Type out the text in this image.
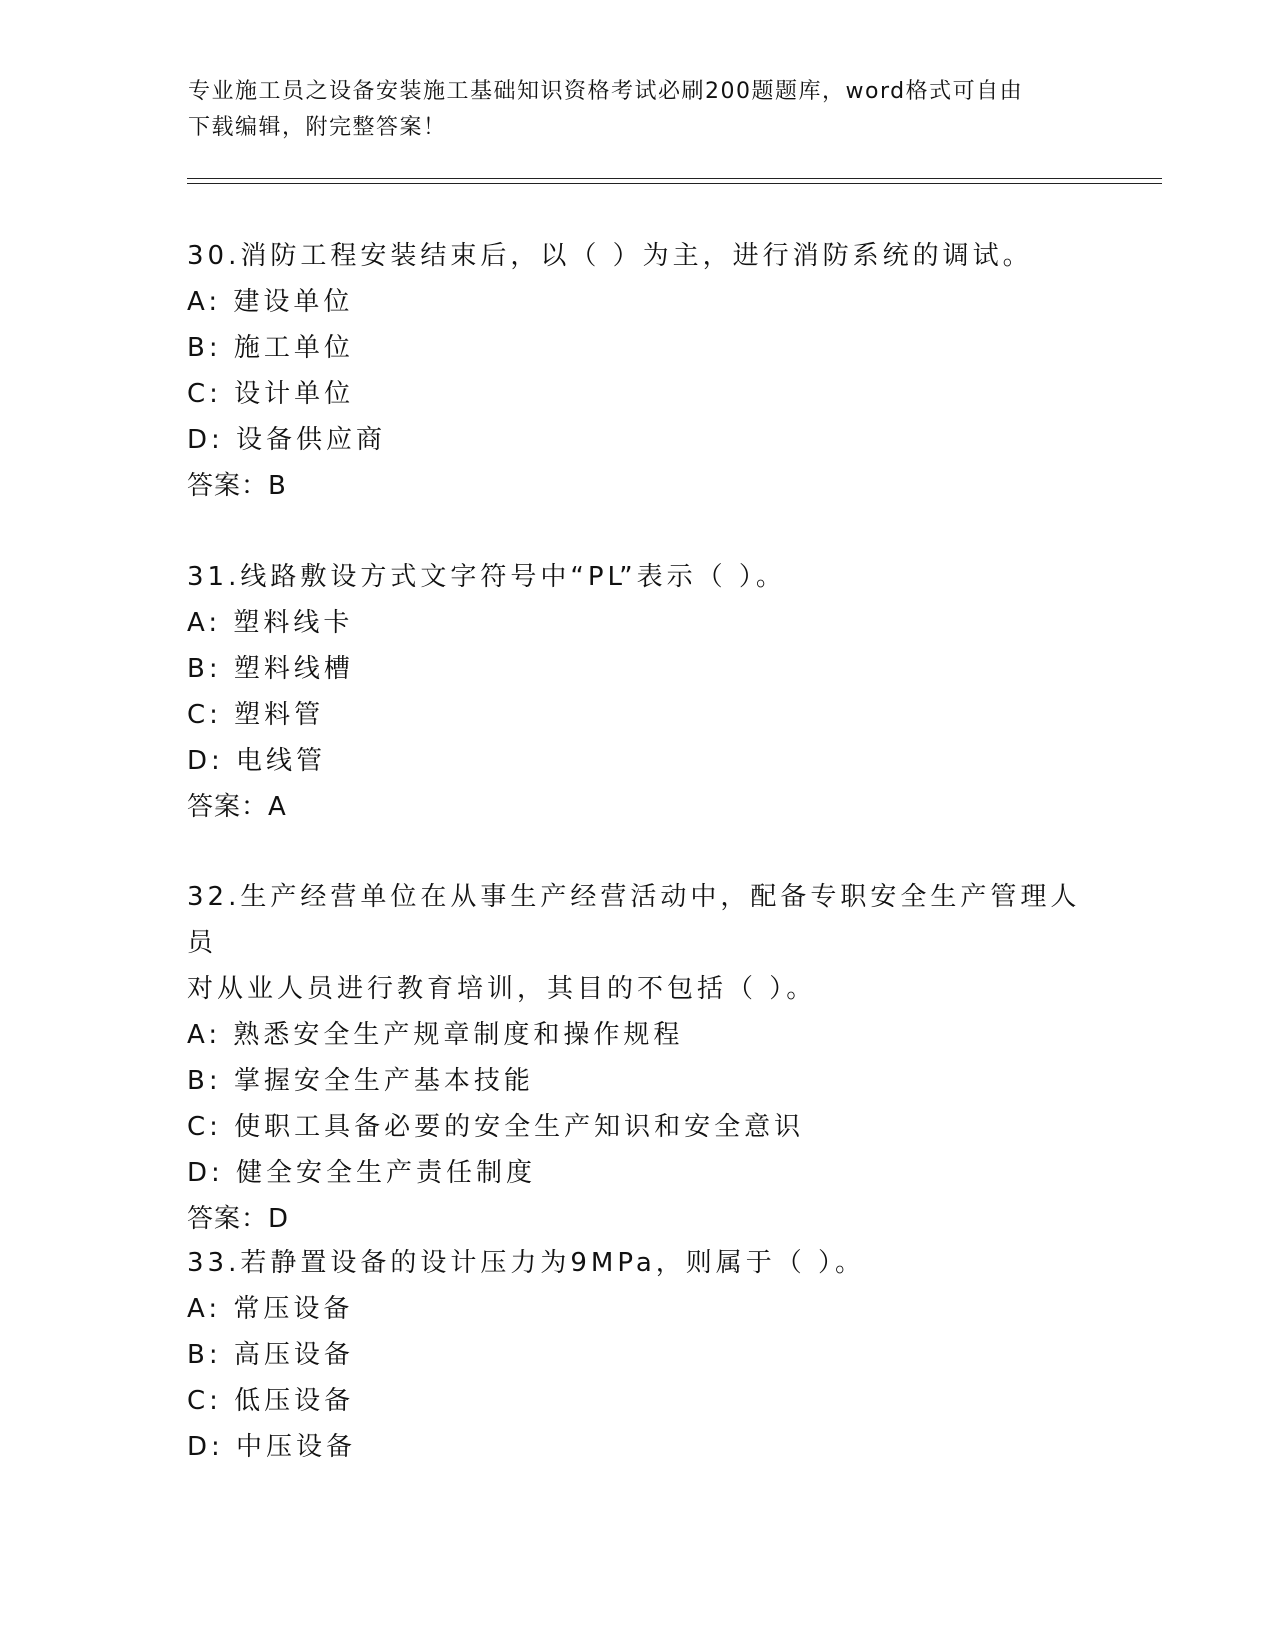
专业施工员之设备安装施工基础知识资格考试必刷200题题库，word格式可自由
下载编辑，附完整答案！
30.消防工程安装结束后，以（ ）为主，进行消防系统的调试。
A: 建设单位
B: 施工单位
C: 设计单位
D: 设备供应商
答案：B
31.线路敷设方式文字符号中“PL”表示（ ）。
A: 塑料线卡
B: 塑料线槽
C: 塑料管
D: 电线管
答案：A
32.生产经营单位在从事生产经营活动中，配备专职安全生产管理人员
对从业人员进行教育培训，其目的不包括（ ）。
A: 熟悉安全生产规章制度和操作规程
B: 掌握安全生产基本技能
C: 使职工具备必要的安全生产知识和安全意识
D: 健全安全生产责任制度
答案：D
33.若静置设备的设计压力为9MPa，则属于（ ）。
A: 常压设备
B: 高压设备
C: 低压设备
D: 中压设备
